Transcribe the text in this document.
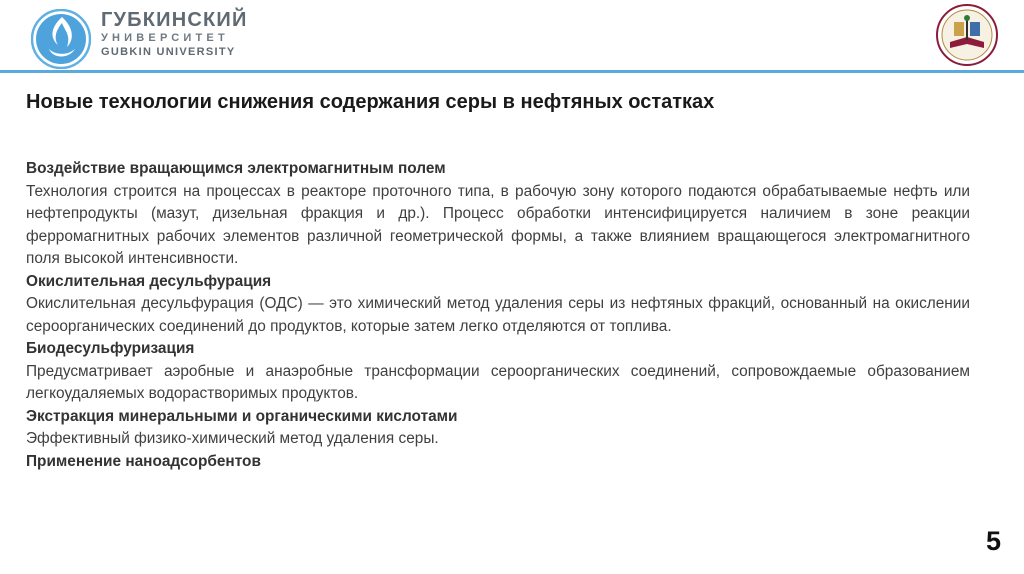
ГУБКИНСКИЙ
УНИВЕРСИТЕТ
GUBKIN UNIVERSITY
Новые технологии снижения содержания серы в нефтяных остатках
Воздействие вращающимся электромагнитным полем
Технология строится на процессах в реакторе проточного типа, в рабочую зону которого подаются обрабатываемые нефть или нефтепродукты (мазут, дизельная фракция и др.). Процесс обработки интенсифицируется наличием в зоне реакции ферромагнитных рабочих элементов различной геометрической формы, а также влиянием вращающегося электромагнитного поля высокой интенсивности.
Окислительная десульфурация
Окислительная десульфурация (ОДС) — это химический метод удаления серы из нефтяных фракций, основанный на окислении сероорганических соединений до продуктов, которые затем легко отделяются от топлива.
Биодесульфуризация
Предусматривает аэробные и анаэробные трансформации сероорганических соединений, сопровождаемые образованием легкоудаляемых водорастворимых продуктов.
Экстракция минеральными и органическими кислотами
Эффективный физико-химический метод удаления серы.
Применение наноадсорбентов
5
